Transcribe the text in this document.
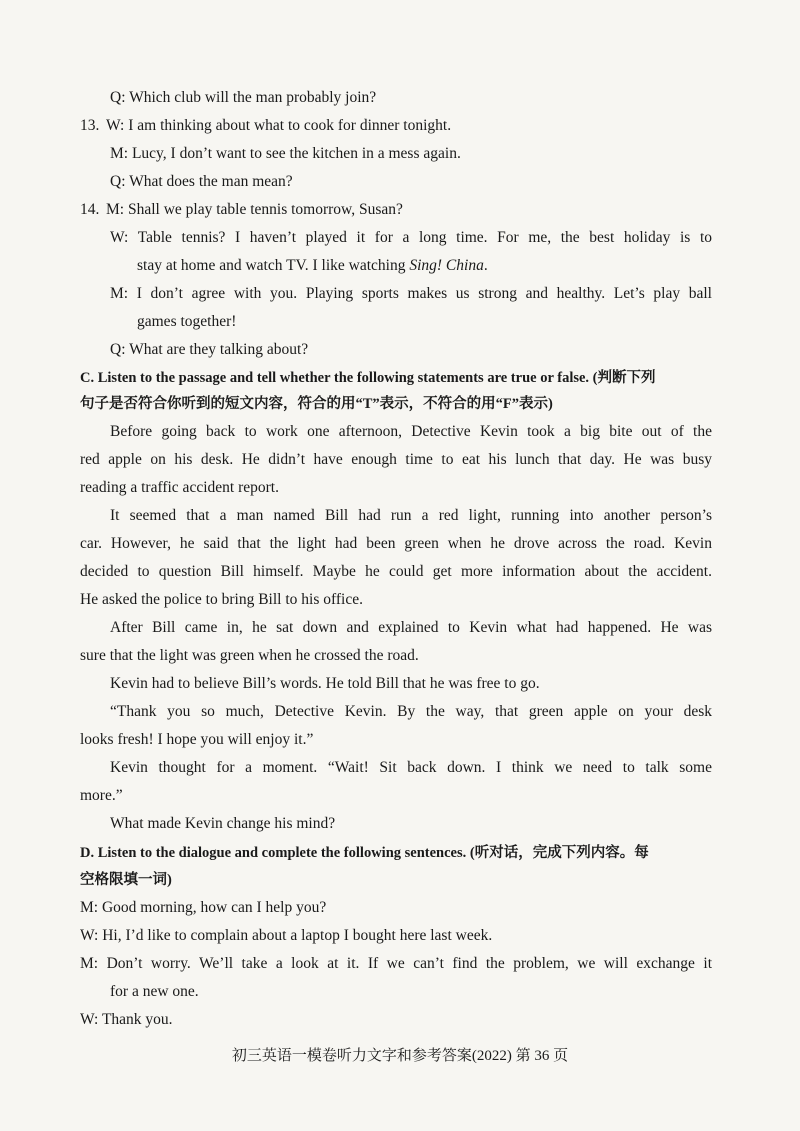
Q: Which club will the man probably join?
13. W: I am thinking about what to cook for dinner tonight.
M: Lucy, I don’t want to see the kitchen in a mess again.
Q: What does the man mean?
14. M: Shall we play table tennis tomorrow, Susan?
W: Table tennis? I haven’t played it for a long time. For me, the best holiday is to
stay at home and watch TV. I like watching Sing! China.
M: I don’t agree with you. Playing sports makes us strong and healthy. Let’s play ball
games together!
Q: What are they talking about?
C. Listen to the passage and tell whether the following statements are true or false. (判断下列
句子是否符合你听到的短文内容，符合的用“T”表示，不符合的用“F”表示)
Before going back to work one afternoon, Detective Kevin took a big bite out of the
red apple on his desk. He didn’t have enough time to eat his lunch that day. He was busy
reading a traffic accident report.
It seemed that a man named Bill had run a red light, running into another person’s
car. However, he said that the light had been green when he drove across the road. Kevin
decided to question Bill himself. Maybe he could get more information about the accident.
He asked the police to bring Bill to his office.
After Bill came in, he sat down and explained to Kevin what had happened. He was
sure that the light was green when he crossed the road.
Kevin had to believe Bill’s words. He told Bill that he was free to go.
“Thank you so much, Detective Kevin. By the way, that green apple on your desk
looks fresh! I hope you will enjoy it.”
Kevin thought for a moment. “Wait! Sit back down. I think we need to talk some
more.”
What made Kevin change his mind?
D. Listen to the dialogue and complete the following sentences. (听对话，完成下列内容。每
空格限填一词)
M: Good morning, how can I help you?
W: Hi, I’d like to complain about a laptop I bought here last week.
M: Don’t worry. We’ll take a look at it. If we can’t find the problem, we will exchange it
for a new one.
W: Thank you.
初三英语一模卷听力文字和参考答案(2022) 第 36 页
